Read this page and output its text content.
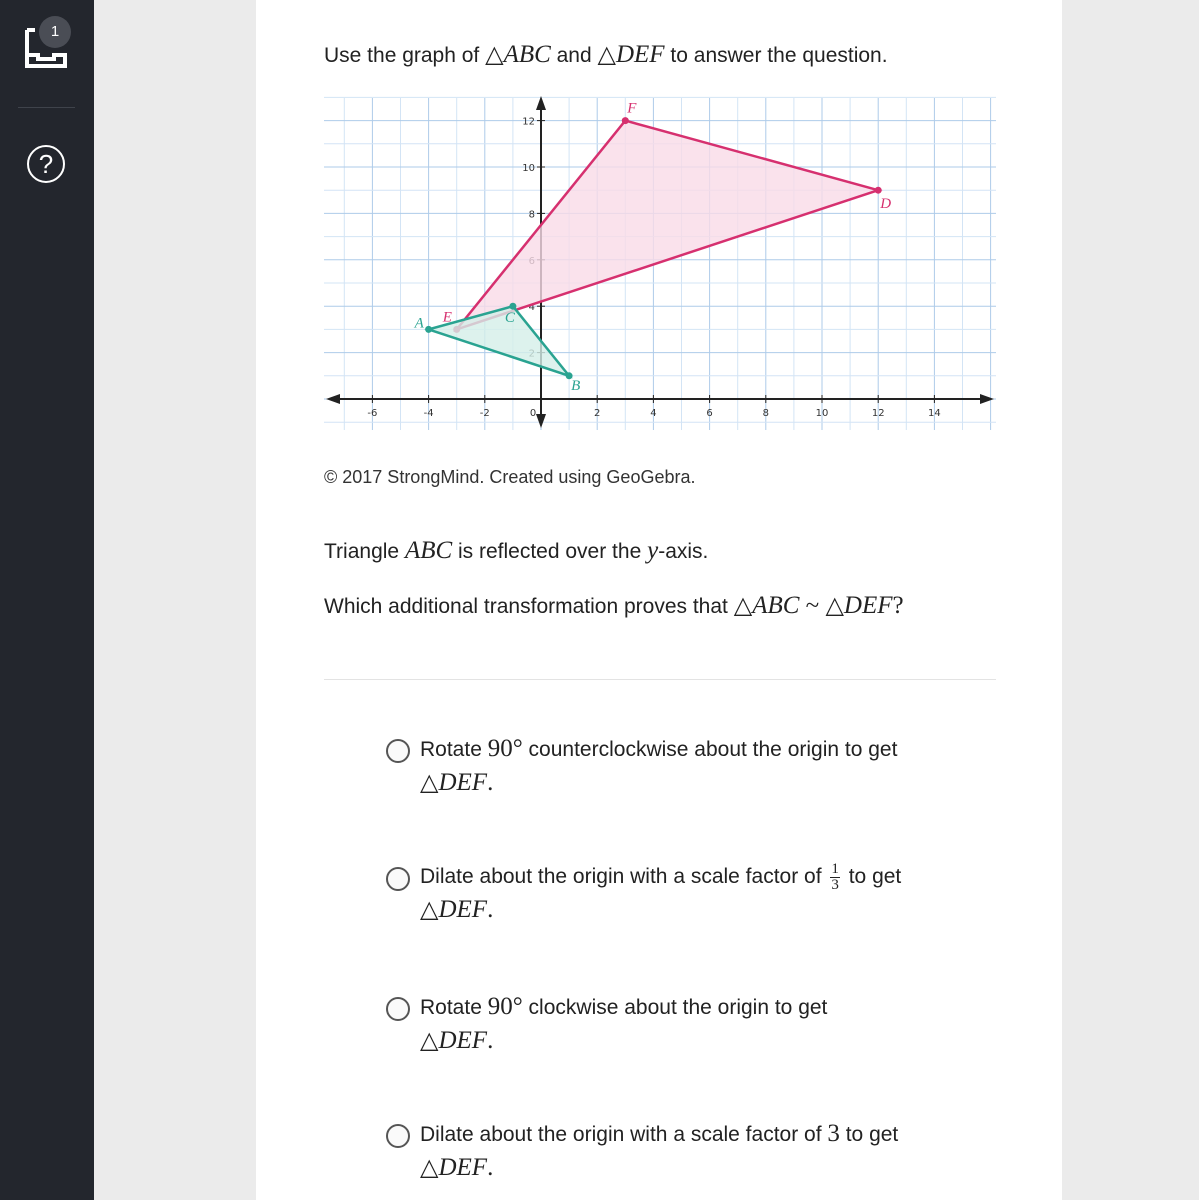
1
?
Use the graph of △ABC and △DEF to answer the question.
-6	-4	-2	0	2	4	6	8	10	12	14
4
8
10
12
D
E
F
A
B
C
© 2017 StrongMind. Created using GeoGebra.
Triangle ABC is reflected over the y-axis.
Which additional transformation proves that △ABC ~ △DEF?
Rotate 90° counterclockwise about the origin to get △DEF.
Dilate about the origin with a scale factor of $\frac{1}{3}$ to get △DEF.
Rotate 90° clockwise about the origin to get △DEF.
Dilate about the origin with a scale factor of 3 to get △DEF.
